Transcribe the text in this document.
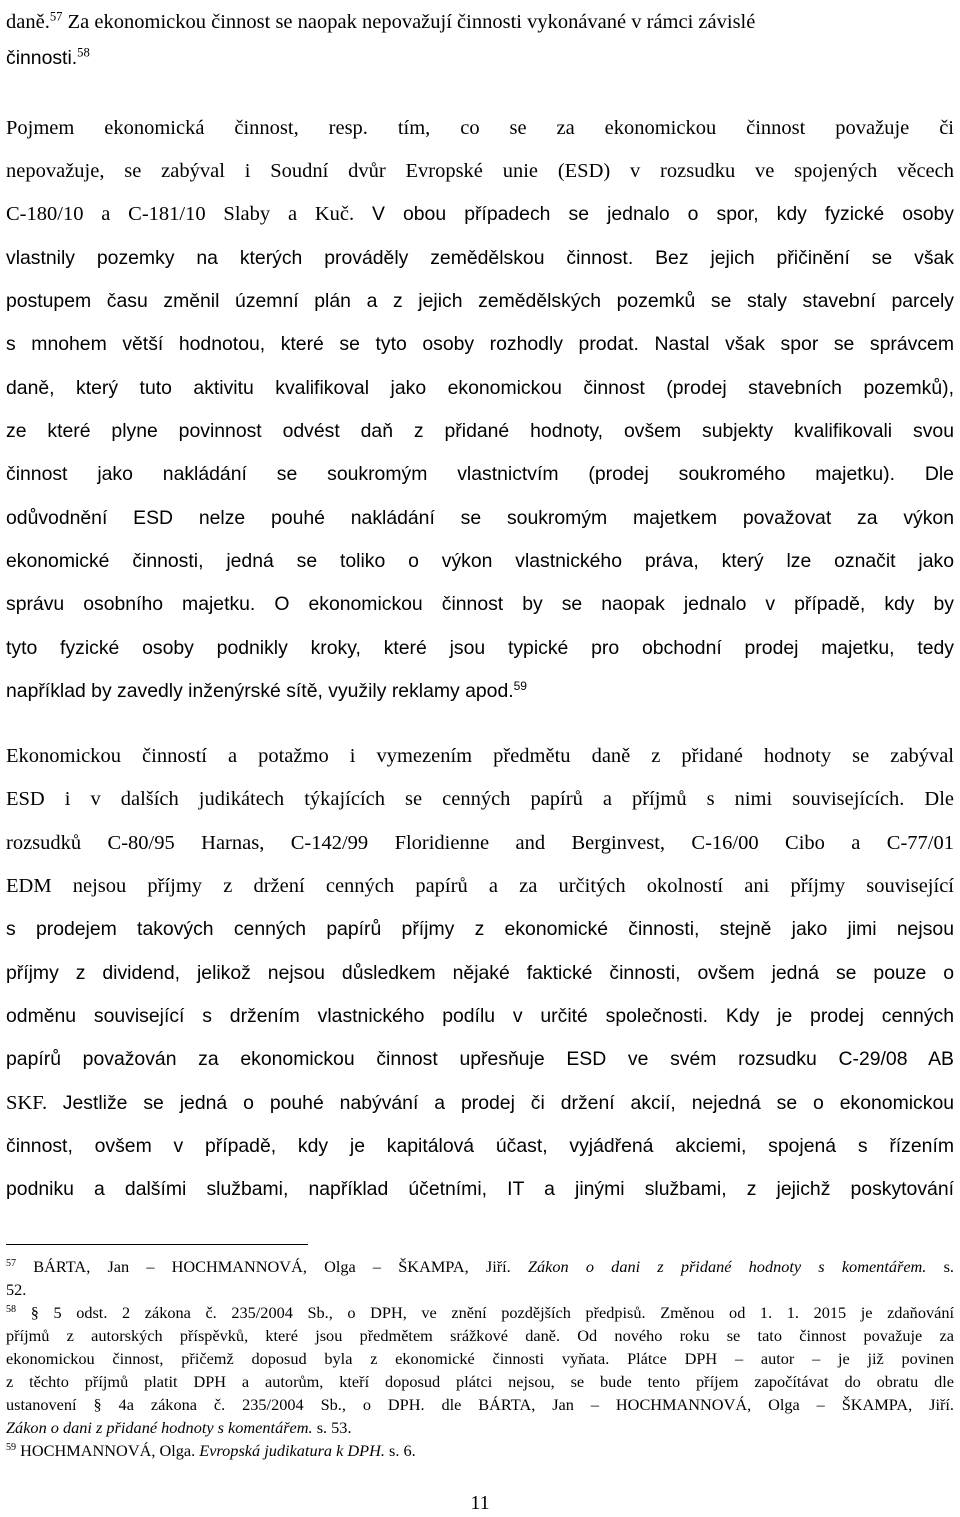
daně.$^{57}$ Za ekonomickou činnost se naopak nepovažují činnosti vykonávané v rámci závislé
činnosti.$^{58}$
Pojmem ekonomická činnost, resp. tím, co se za ekonomickou činnost považuje či
nepovažuje, se zabýval i Soudní dvůr Evropské unie (ESD) v rozsudku ve spojených věcech
C-180/10 a C-181/10 Slaby a Kuč. V obou případech se jednalo o spor, kdy fyzické osoby
vlastnily pozemky na kterých prováděly zemědělskou činnost. Bez jejich přičinění se však
postupem času změnil územní plán a z jejich zemědělských pozemků se staly stavební parcely
s mnohem větší hodnotou, které se tyto osoby rozhodly prodat. Nastal však spor se správcem
daně, který tuto aktivitu kvalifikoval jako ekonomickou činnost (prodej stavebních pozemků),
ze které plyne povinnost odvést daň z přidané hodnoty, ovšem subjekty kvalifikovali svou
činnost jako nakládání se soukromým vlastnictvím (prodej soukromého majetku). Dle
odůvodnění ESD nelze pouhé nakládání se soukromým majetkem považovat za výkon
ekonomické činnosti, jedná se toliko o výkon vlastnického práva, který lze označit jako
správu osobního majetku. O ekonomickou činnost by se naopak jednalo v případě, kdy by
tyto fyzické osoby podnikly kroky, které jsou typické pro obchodní prodej majetku, tedy
například by zavedly inženýrské sítě, využily reklamy apod.$^{59}$
Ekonomickou činností a potažmo i vymezením předmětu daně z přidané hodnoty se zabýval
ESD i v dalších judikátech týkajících se cenných papírů a příjmů s nimi souvisejících. Dle
rozsudků C-80/95 Harnas, C-142/99 Floridienne and Berginvest, C-16/00 Cibo a C-77/01
EDM nejsou příjmy z držení cenných papírů a za určitých okolností ani příjmy související
s prodejem takových cenných papírů příjmy z ekonomické činnosti, stejně jako jimi nejsou
příjmy z dividend, jelikož nejsou důsledkem nějaké faktické činnosti, ovšem jedná se pouze o
odměnu související s držením vlastnického podílu v určité společnosti. Kdy je prodej cenných
papírů považován za ekonomickou činnost upřesňuje ESD ve svém rozsudku C-29/08 AB
SKF. Jestliže se jedná o pouhé nabývání a prodej či držení akcií, nejedná se o ekonomickou
činnost, ovšem v případě, kdy je kapitálová účast, vyjádřená akciemi, spojená s řízením
podniku a dalšími službami, například účetními, IT a jinými službami, z jejichž poskytování
$^{57}$ BÁRTA, Jan – HOCHMANNOVÁ, Olga – ŠKAMPA, Jiří. Zákon o dani z přidané hodnoty s komentářem. s.
52.
$^{58}$ § 5 odst. 2 zákona č. 235/2004 Sb., o DPH, ve znění pozdějších předpisů. Změnou od 1. 1. 2015 je zdaňování
příjmů z autorských příspěvků, které jsou předmětem srážkové daně. Od nového roku se tato činnost považuje za
ekonomickou činnost, přičemž doposud byla z ekonomické činnosti vyňata. Plátce DPH – autor – je již povinen
z těchto příjmů platit DPH a autorům, kteří doposud plátci nejsou, se bude tento příjem započítávat do obratu dle
ustanovení § 4a zákona č. 235/2004 Sb., o DPH. dle BÁRTA, Jan – HOCHMANNOVÁ, Olga – ŠKAMPA, Jiří.
Zákon o dani z přidané hodnoty s komentářem. s. 53.
$^{59}$ HOCHMANNOVÁ, Olga. Evropská judikatura k DPH. s. 6.
11
